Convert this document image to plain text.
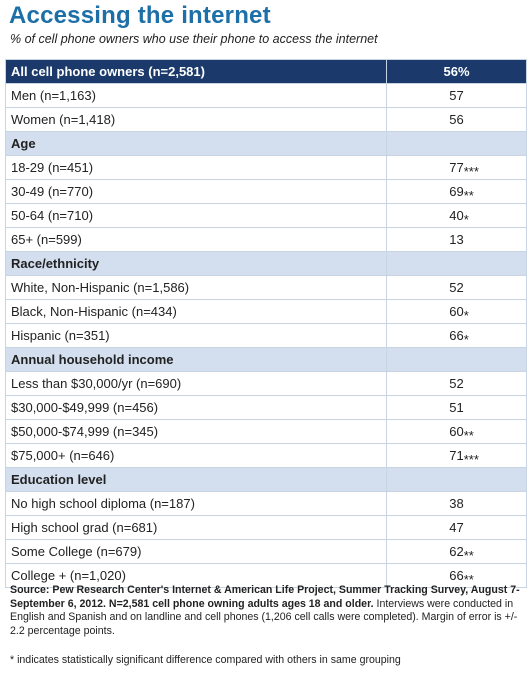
Accessing the internet
% of cell phone owners who use their phone to access the internet
All cell phone owners (n=2,581)	56%
Men (n=1,163)	57
Women (n=1,418)	56
Age	
18-29 (n=451)	77 ***

30-49 (n=770)	69 **

50-64 (n=710)	40 *

65+ (n=599)	13
Race/ethnicity	
White, Non-Hispanic (n=1,586)	52
Black, Non-Hispanic (n=434)	60 *

Hispanic (n=351)	66 *

Annual household income	
Less than $30,000/yr (n=690)	52
$30,000-$49,999 (n=456)	51
$50,000-$74,999 (n=345)	60 **

$75,000+ (n=646)	71 ***

Education level	
No high school diploma (n=187)	38
High school grad (n=681)	47
Some College (n=679)	62 **

College + (n=1,020)	66 **
Source: Pew Research Center's Internet & American Life Project, Summer Tracking Survey, August 7-September 6, 2012. N=2,581 cell phone owning adults ages 18 and older. Interviews were conducted in English and Spanish and on landline and cell phones (1,206 cell calls were completed). Margin of error is +/- 2.2 percentage points.
* indicates statistically significant difference compared with others in same grouping
